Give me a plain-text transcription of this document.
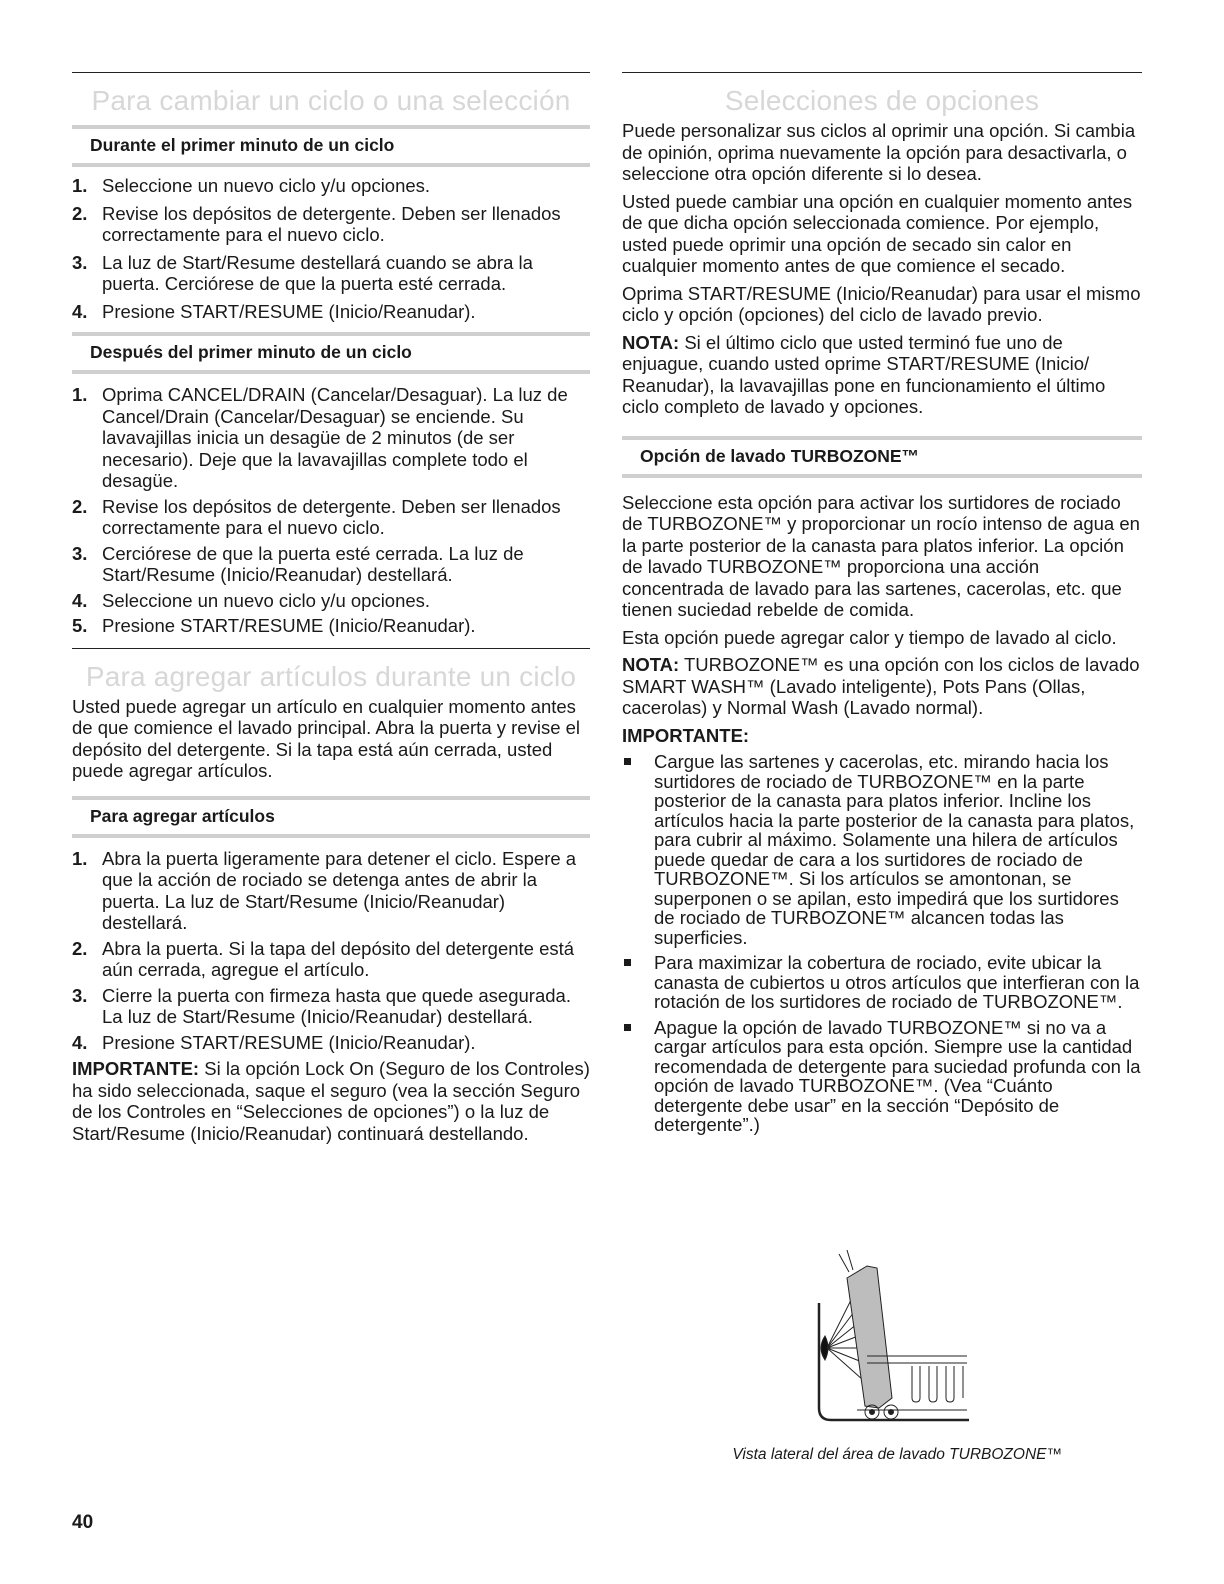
Para cambiar un ciclo o una selección
Durante el primer minuto de un ciclo
1. Seleccione un nuevo ciclo y/u opciones.
2. Revise los depósitos de detergente. Deben ser llenados correctamente para el nuevo ciclo.
3. La luz de Start/Resume destellará cuando se abra la puerta. Cerciórese de que la puerta esté cerrada.
4. Presione START/RESUME (Inicio/Reanudar).
Después del primer minuto de un ciclo
1. Oprima CANCEL/DRAIN (Cancelar/Desaguar). La luz de Cancel/Drain (Cancelar/Desaguar) se enciende. Su lavavajillas inicia un desagüe de 2 minutos (de ser necesario). Deje que la lavavajillas complete todo el desagüe.
2. Revise los depósitos de detergente. Deben ser llenados correctamente para el nuevo ciclo.
3. Cerciórese de que la puerta esté cerrada. La luz de Start/Resume (Inicio/Reanudar) destellará.
4. Seleccione un nuevo ciclo y/u opciones.
5. Presione START/RESUME (Inicio/Reanudar).
Para agregar artículos durante un ciclo

Usted puede agregar un artículo en cualquier momento antes de que comience el lavado principal. Abra la puerta y revise el depósito del detergente. Si la tapa está aún cerrada, usted puede agregar artículos.

Para agregar artículos
1. Abra la puerta ligeramente para detener el ciclo. Espere a que la acción de rociado se detenga antes de abrir la puerta. La luz de Start/Resume (Inicio/Reanudar) destellará.
2. Abra la puerta. Si la tapa del depósito del detergente está aún cerrada, agregue el artículo.
3. Cierre la puerta con firmeza hasta que quede asegurada. La luz de Start/Resume (Inicio/Reanudar) destellará.
4. Presione START/RESUME (Inicio/Reanudar).

IMPORTANTE: Si la opción Lock On (Seguro de los Controles) ha sido seleccionada, saque el seguro (vea la sección Seguro de los Controles en “Selecciones de opciones”) o la luz de Start/Resume (Inicio/Reanudar) continuará destellando.

Selecciones de opciones

Puede personalizar sus ciclos al oprimir una opción. Si cambia de opinión, oprima nuevamente la opción para desactivarla, o seleccione otra opción diferente si lo desea.

Usted puede cambiar una opción en cualquier momento antes de que dicha opción seleccionada comience. Por ejemplo, usted puede oprimir una opción de secado sin calor en cualquier momento antes de que comience el secado.

Oprima START/RESUME (Inicio/Reanudar) para usar el mismo ciclo y opción (opciones) del ciclo de lavado previo.

NOTA: Si el último ciclo que usted terminó fue uno de enjuague, cuando usted oprime START/RESUME (Inicio/ Reanudar), la lavavajillas pone en funcionamiento el último ciclo completo de lavado y opciones.

Opción de lavado TURBOZONE™

Seleccione esta opción para activar los surtidores de rociado de TURBOZONE™ y proporcionar un rocío intenso de agua en la parte posterior de la canasta para platos inferior. La opción de lavado TURBOZONE™ proporciona una acción concentrada de lavado para las sartenes, cacerolas, etc. que tienen suciedad rebelde de comida.

Esta opción puede agregar calor y tiempo de lavado al ciclo.

NOTA: TURBOZONE™ es una opción con los ciclos de lavado SMART WASH™ (Lavado inteligente), Pots Pans (Ollas, cacerolas) y Normal Wash (Lavado normal).

IMPORTANTE:

Cargue las sartenes y cacerolas, etc. mirando hacia los surtidores de rociado de TURBOZONE™ en la parte posterior de la canasta para platos inferior. Incline los artículos hacia la parte posterior de la canasta para platos, para cubrir al máximo. Solamente una hilera de artículos puede quedar de cara a los surtidores de rociado de TURBOZONE™. Si los artículos se amontonan, se superponen o se apilan, esto impedirá que los surtidores de rociado de TURBOZONE™ alcancen todas las superficies.
Para maximizar la cobertura de rociado, evite ubicar la canasta de cubiertos u otros artículos que interfieran con la rotación de los surtidores de rociado de TURBOZONE™.
Apague la opción de lavado TURBOZONE™ si no va a cargar artículos para esta opción. Siempre use la cantidad recomendada de detergente para suciedad profunda con la opción de lavado TURBOZONE™. (Vea “Cuánto detergente debe usar” en la sección “Depósito de detergente”.)
Vista lateral del área de lavado TURBOZONE™
40
